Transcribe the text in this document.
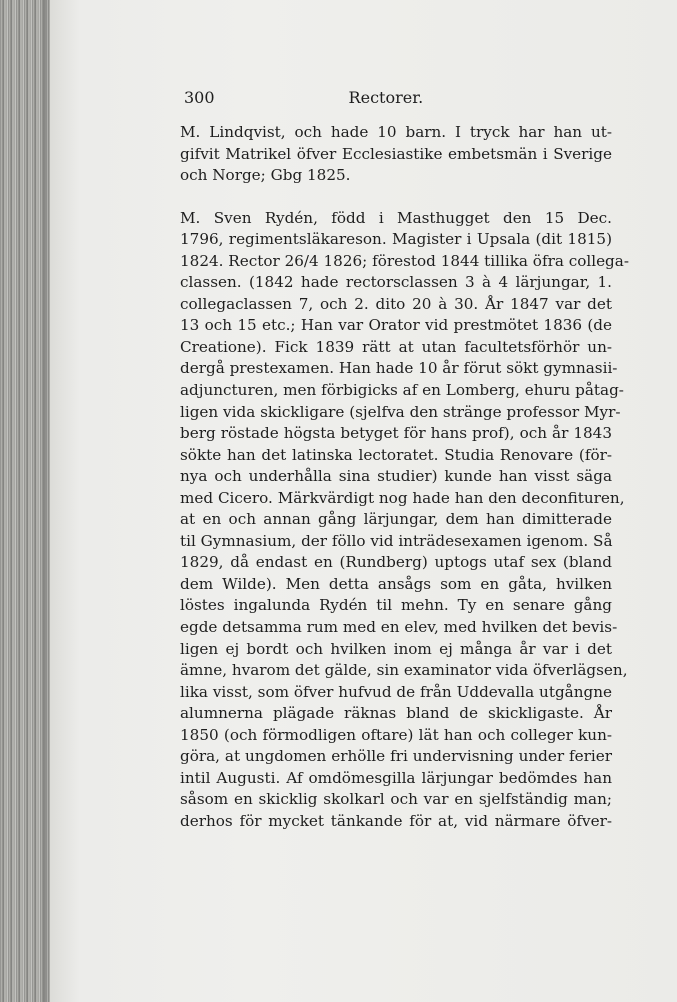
300	Rectorer.
M. Lindqvist, och hade 10 barn. I tryck har han ut-
gifvit Matrikel öfver Ecclesiastike embetsmän i Sverige
och Norge; Gbg 1825.
M. Sven Rydén, född i Masthugget den 15 Dec.
1796, regimentsläkareson. Magister i Upsala (dit 1815)
1824. Rector 26/4 1826; förestod 1844 tillika öfra collega-
classen. (1842 hade rectorsclassen 3 à 4 lärjungar, 1.
collegaclassen 7, och 2. dito 20 à 30. År 1847 var det
13 och 15 etc.; Han var Orator vid prestmötet 1836 (de
Creatione). Fick 1839 rätt at utan facultetsförhör un-
dergå prestexamen. Han hade 10 år förut sökt gymnasii-
adjuncturen, men förbigicks af en Lomberg, ehuru påtag-
ligen vida skickligare (sjelfva den stränge professor Myr-
berg röstade högsta betyget för hans prof), och år 1843
sökte han det latinska lectoratet. Studia Renovare (för-
nya och underhålla sina studier) kunde han visst säga
med Cicero. Märkvärdigt nog hade han den deconfituren,
at en och annan gång lärjungar, dem han dimitterade
til Gymnasium, der föllo vid inträdesexamen igenom. Så
1829, då endast en (Rundberg) uptogs utaf sex (bland
dem Wilde). Men detta ansågs som en gåta, hvilken
löstes ingalunda Rydén til mehn. Ty en senare gång
egde detsamma rum med en elev, med hvilken det bevis-
ligen ej bordt och hvilken inom ej många år var i det
ämne, hvarom det gälde, sin examinator vida öfverlägsen,
lika visst, som öfver hufvud de från Uddevalla utgångne
alumnerna plägade räknas bland de skickligaste. År
1850 (och förmodligen oftare) lät han och colleger kun-
göra, at ungdomen erhölle fri undervisning under ferier
intil Augusti. Af omdömesgilla lärjungar bedömdes han
såsom en skicklig skolkarl och var en sjelfständig man;
derhos för mycket tänkande för at, vid närmare öfver-
